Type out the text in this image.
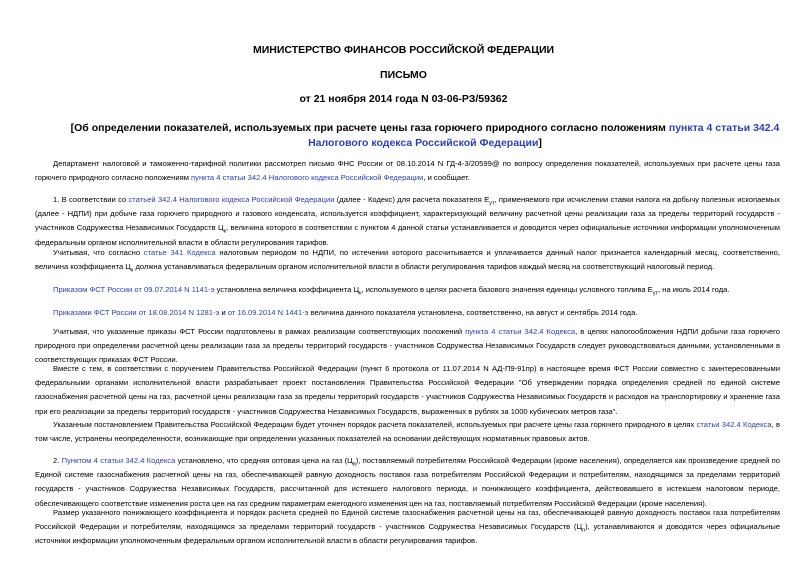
МИНИСТЕРСТВО ФИНАНСОВ РОССИЙСКОЙ ФЕДЕРАЦИИ
ПИСЬМО
от 21 ноября 2014 года N 03-06-РЗ/59362
[Об определении показателей, используемых при расчете цены газа горючего природного согласно положениям пункта 4 статьи 342.4 Налогового кодекса Российской Федерации]
Департамент налоговой и таможенно-тарифной политики рассмотрел письмо ФНС России от 08.10.2014 N ГД-4-3/20599@ по вопросу определения показателей, используемых при расчете цены газа горючего природного согласно положениям пункта 4 статьи 342.4 Налогового кодекса Российской Федерации, и сообщает.
1. В соответствии со статьей 342.4 Налогового кодекса Российской Федерации (далее - Кодекс) для расчета показателя $Е_{ут}$, применяемого при исчислении ставки налога на добычу полезных ископаемых (далее - НДПИ) при добыче газа горючего природного и газового конденсата, используется коэффициент, характеризующий величину расчетной цены реализации газа за пределы территорий государств - участников Содружества Независимых Государств $Ц_к$, величина которого в соответствии с пунктом 4 данной статьи устанавливается и доводится через официальные источники информации уполномоченным федеральным органом исполнительной власти в области регулирования тарифов.
Учитывая, что согласно статье 341 Кодекса налоговым периодом по НДПИ, по истечении которого рассчитывается и уплачивается данный налог признается календарный месяц, соответственно, величина коэффициента $Ц_к$ должна устанавливаться федеральным органом исполнительной власти в области регулирования тарифов каждый месяц на соответствующий налоговый период.
Приказом ФСТ России от 09.07.2014 N 1141-э установлена величина коэффициента $Ц_к$, используемого в целях расчета базового значения единицы условного топлива $Е_{ут}$, на июль 2014 года.
Приказами ФСТ России от 18.08.2014 N 1281-э и от 16.09.2014 N 1441-э величина данного показателя установлена, соответственно, на август и сентябрь 2014 года.
Учитывая, что указанные приказы ФСТ России подготовлены в рамках реализации соответствующих положений пункта 4 статьи 342.4 Кодекса, в целях налогообложения НДПИ добычи газа горючего природного при определении расчетной цены реализации газа за пределы территорий государств - участников Содружества Независимых Государств следует руководствоваться данными, установленными в соответствующих приказах ФСТ России.
Вместе с тем, в соответствии с поручением Правительства Российской Федерации (пункт 6 протокола от 11.07.2014 N АД-П9-91пр) в настоящее время ФСТ России совместно с заинтересованными федеральными органами исполнительной власти разрабатывает проект постановления Правительства Российской Федерации "Об утверждении порядка определения средней по единой системе газоснабжения расчетной цены на газ, расчетной цены реализации газа за пределы территорий государств - участников Содружества Независимых Государств и расходов на транспортировку и хранение газа при его реализации за пределы территорий государств - участников Содружества Независимых Государств, выраженных в рублях за 1000 кубических метров газа".
Указанным постановлением Правительства Российской Федерации будет уточнен порядок расчета показателей, используемых при расчете цены газа горючего природного в целях статьи 342.4 Кодекса, в том числе, устранены неопределенности, возникающие при определении указанных показателей на основании действующих нормативных правовых актов.
2. Пунктом 4 статьи 342.4 Кодекса установлено, что средняя оптовая цена на газ $(Ц_в)$, поставляемый потребителям Российской Федерации (кроме населения), определяется как произведение средней по Единой системе газоснабжения расчетной цены на газ, обеспечивающей равную доходность поставок газа потребителям Российской Федерации и потребителям, находящимся за пределами территорий государств - участников Содружества Независимых Государств, рассчитанной для истекшего налогового периода, и понижающего коэффициента, действовавшего в истекшем налоговом периоде, обеспечивающего соответствие изменения роста цен на газ средним параметрам ежегодного изменения цен на газ, поставляемый потребителям Российской Федерации (кроме населения).
Размер указанного понижающего коэффициента и порядок расчета средней по Единой системе газоснабжения расчетной цены на газ, обеспечивающей равную доходность поставок газа потребителям Российской Федерации и потребителям, находящимся за пределами территорий государств - участников Содружества Независимых Государств $(Ц_п)$, устанавливаются и доводятся через официальные источники информации уполномоченным федеральным органом исполнительной власти в области регулирования тарифов.
